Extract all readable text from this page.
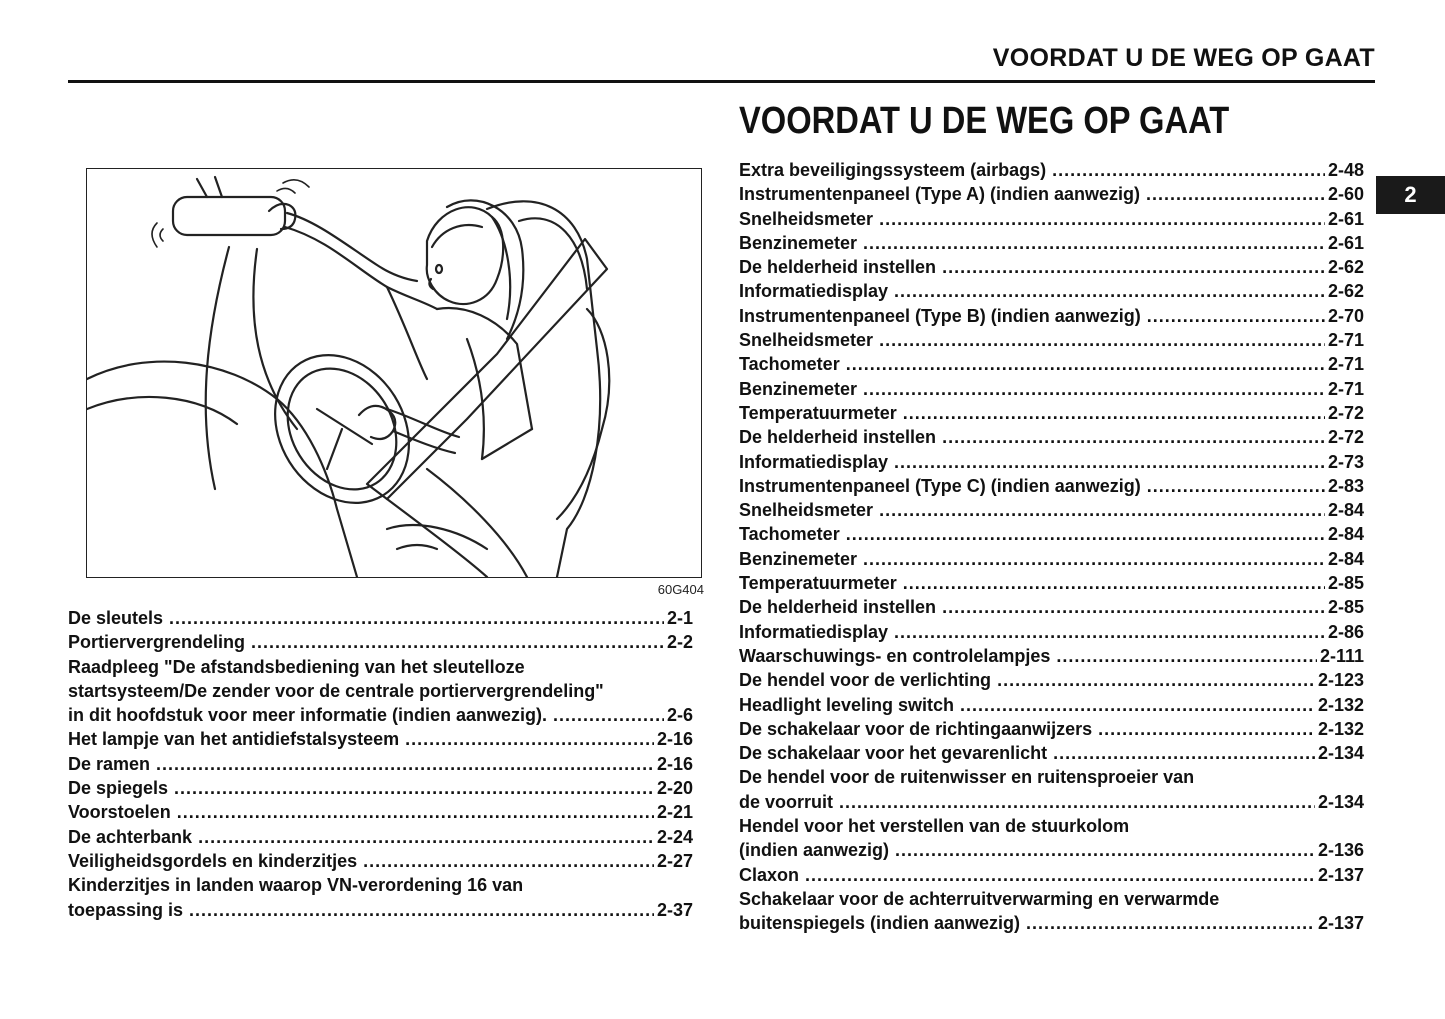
VOORDAT U DE WEG OP GAAT
VOORDAT U DE WEG OP GAAT
2
60G404
De sleutels .....	2-1
Portiervergrendeling .....	2-2
Raadpleeg "De afstandsbediening van het sleutelloze
startsysteem/De zender voor de centrale portiervergrendeling"
in dit hoofdstuk voor meer informatie (indien aanwezig). .....	2-6
Het lampje van het antidiefstalsysteem .....	2-16
De ramen .....	2-16
De spiegels .....	2-20
Voorstoelen .....	2-21
De achterbank .....	2-24
Veiligheidsgordels en kinderzitjes .....	2-27
Kinderzitjes in landen waarop VN-verordening 16 van
toepassing is .....	2-37
Extra beveiligingssysteem (airbags) .....	2-48
Instrumentenpaneel (Type A) (indien aanwezig) .....	2-60
Snelheidsmeter .....	2-61
Benzinemeter .....	2-61
De helderheid instellen .....	2-62
Informatiedisplay .....	2-62
Instrumentenpaneel (Type B) (indien aanwezig) .....	2-70
Snelheidsmeter .....	2-71
Tachometer .....	2-71
Benzinemeter .....	2-71
Temperatuurmeter .....	2-72
De helderheid instellen .....	2-72
Informatiedisplay .....	2-73
Instrumentenpaneel (Type C) (indien aanwezig) .....	2-83
Snelheidsmeter .....	2-84
Tachometer .....	2-84
Benzinemeter .....	2-84
Temperatuurmeter .....	2-85
De helderheid instellen .....	2-85
Informatiedisplay .....	2-86
Waarschuwings- en controlelampjes .....	2-111
De hendel voor de verlichting .....	2-123
Headlight leveling switch .....	2-132
De schakelaar voor de richtingaanwijzers .....	2-132
De schakelaar voor het gevarenlicht .....	2-134
De hendel voor de ruitenwisser en ruitensproeier van
de voorruit .....	2-134
Hendel voor het verstellen van de stuurkolom
(indien aanwezig) .....	2-136
Claxon .....	2-137
Schakelaar voor de achterruitverwarming en verwarmde
buitenspiegels (indien aanwezig) .....	2-137
